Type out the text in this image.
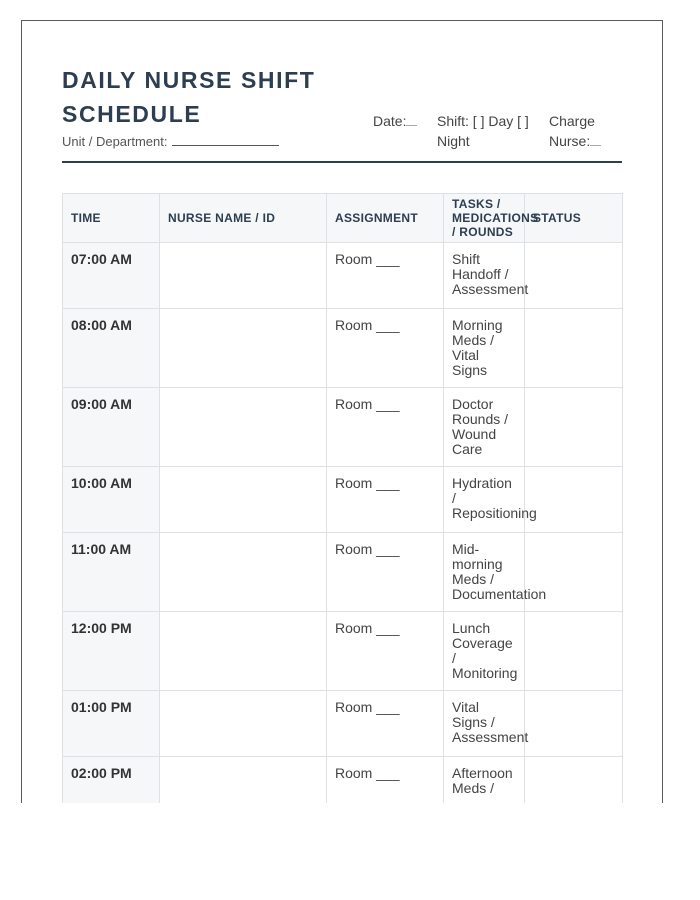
DAILY NURSE SHIFT SCHEDULE
Unit / Department:
Date:	Shift: [ ] Day [ ] Night
Charge Nurse:
TIME	NURSE NAME / ID	ASSIGNMENT	TASKS / MEDICATIONS / ROUNDS	STATUS
07:00 AM		Room ___	Shift Handoff / Assessment	
08:00 AM		Room ___	Morning Meds / Vital Signs	
09:00 AM		Room ___	Doctor Rounds / Wound Care	
10:00 AM		Room ___	Hydration / Repositioning	
11:00 AM		Room ___	Mid-morning Meds / Documentation	
12:00 PM		Room ___	Lunch Coverage / Monitoring	
01:00 PM		Room ___	Vital Signs / Assessment	
02:00 PM		Room ___	Afternoon Meds /	
